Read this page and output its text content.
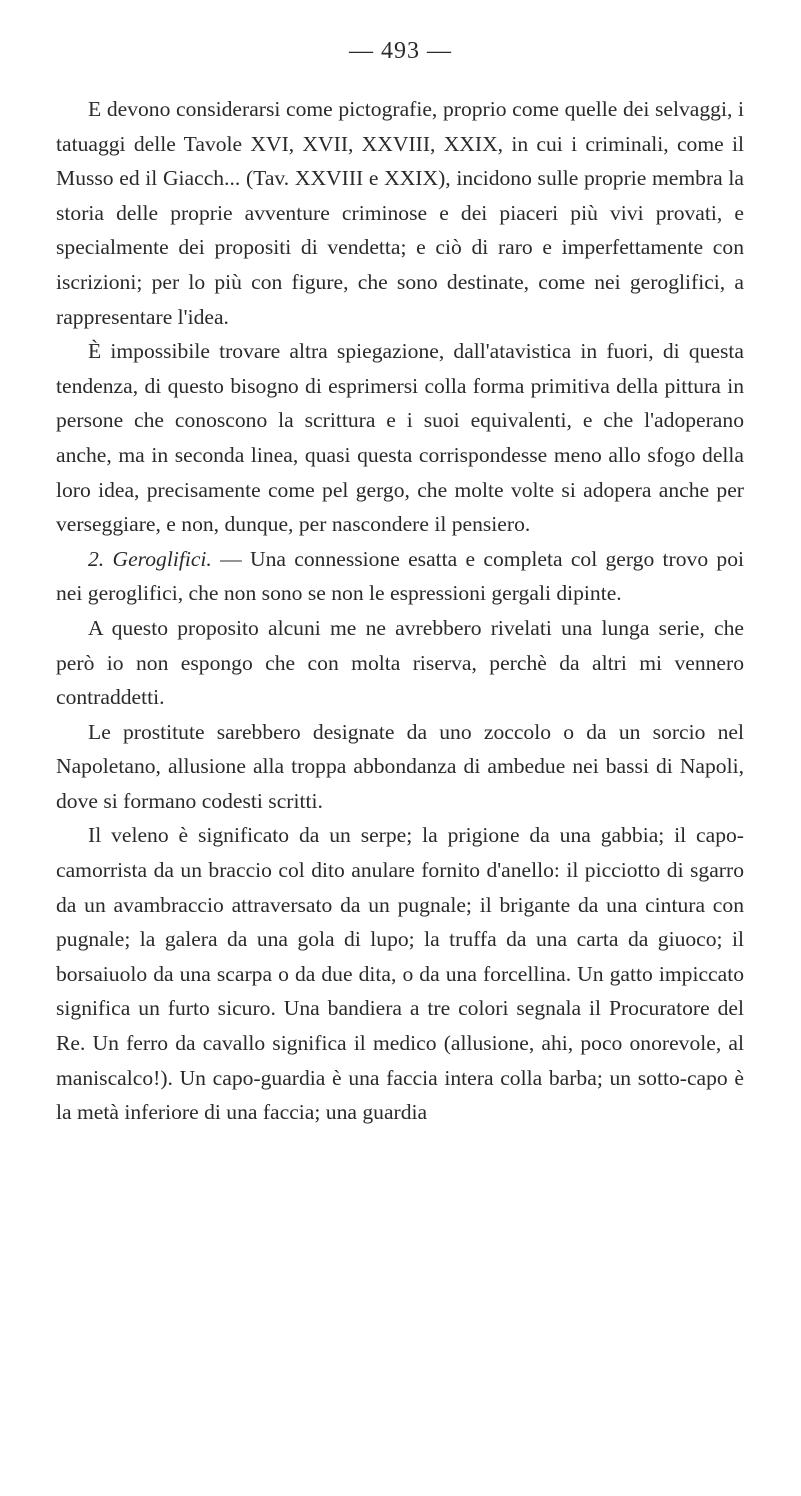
— 493 —

E devono considerarsi come pictografie, proprio come quelle dei selvaggi, i tatuaggi delle Tavole XVI, XVII, XXVIII, XXIX, in cui i criminali, come il Musso ed il Giacch... (Tav. XXVIII e XXIX), incidono sulle proprie membra la storia delle proprie avventure criminose e dei piaceri più vivi provati, e specialmente dei propositi di vendetta; e ciò di raro e imperfettamente con iscrizioni; per lo più con figure, che sono destinate, come nei geroglifici, a rappresentare l'idea.

È impossibile trovare altra spiegazione, dall'atavistica in fuori, di questa tendenza, di questo bisogno di esprimersi colla forma primitiva della pittura in persone che conoscono la scrittura e i suoi equivalenti, e che l'adoperano anche, ma in seconda linea, quasi questa corrispondesse meno allo sfogo della loro idea, precisamente come pel gergo, che molte volte si adopera anche per verseggiare, e non, dunque, per nascondere il pensiero.

2. Geroglifici. — Una connessione esatta e completa col gergo trovo poi nei geroglifici, che non sono se non le espressioni gergali dipinte.

A questo proposito alcuni me ne avrebbero rivelati una lunga serie, che però io non espongo che con molta riserva, perchè da altri mi vennero contraddetti.

Le prostitute sarebbero designate da uno zoccolo o da un sorcio nel Napoletano, allusione alla troppa abbondanza di ambedue nei bassi di Napoli, dove si formano codesti scritti.

Il veleno è significato da un serpe; la prigione da una gabbia; il capo-camorrista da un braccio col dito anulare fornito d'anello: il picciotto di sgarro da un avambraccio attraversato da un pugnale; il brigante da una cintura con pugnale; la galera da una gola di lupo; la truffa da una carta da giuoco; il borsaiuolo da una scarpa o da due dita, o da una forcellina. Un gatto impiccato significa un furto sicuro. Una bandiera a tre colori segnala il Procuratore del Re. Un ferro da cavallo significa il medico (allusione, ahi, poco onorevole, al maniscalco!). Un capo-guardia è una faccia intera colla barba; un sotto-capo è la metà inferiore di una faccia; una guardia
